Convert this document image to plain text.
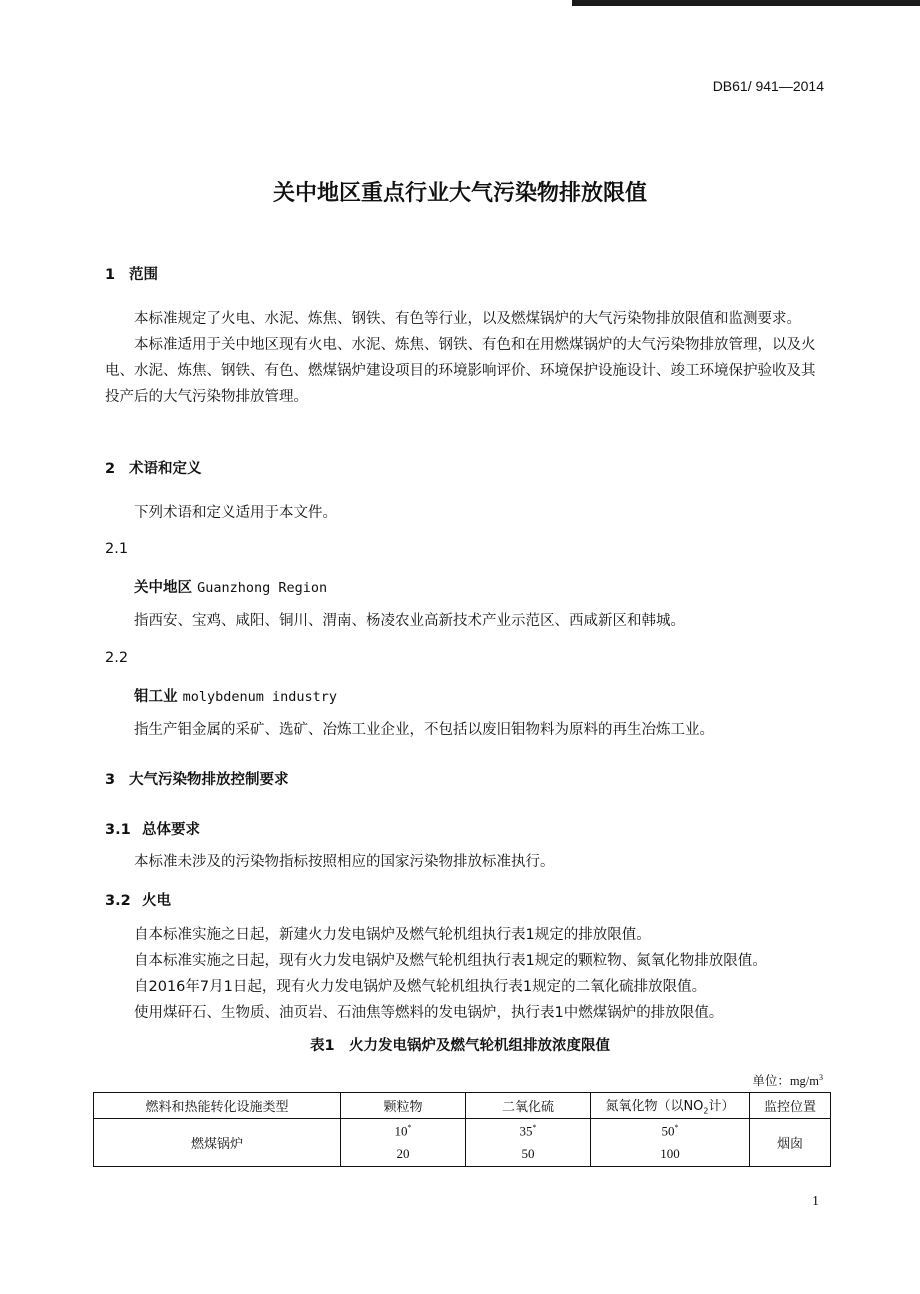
DB61/ 941—2014
关中地区重点行业大气污染物排放限值
1 范围

本标准规定了火电、水泥、炼焦、钢铁、有色等行业，以及燃煤锅炉的大气污染物排放限值和监测要求。

本标准适用于关中地区现有火电、水泥、炼焦、钢铁、有色和在用燃煤锅炉的大气污染物排放管理，以及火电、水泥、炼焦、钢铁、有色、燃煤锅炉建设项目的环境影响评价、环境保护设施设计、竣工环境保护验收及其投产后的大气污染物排放管理。

2 术语和定义
下列术语和定义适用于本文件。
2.1
关中地区 Guanzhong Region
指西安、宝鸡、咸阳、铜川、渭南、杨凌农业高新技术产业示范区、西咸新区和韩城。
2.2
钼工业 molybdenum industry
指生产钼金属的采矿、选矿、冶炼工业企业，不包括以废旧钼物料为原料的再生冶炼工业。
3 大气污染物排放控制要求
3.1 总体要求
本标准未涉及的污染物指标按照相应的国家污染物排放标准执行。
3.2 火电

自本标准实施之日起，新建火力发电锅炉及燃气轮机组执行表1规定的排放限值。

自本标准实施之日起，现有火力发电锅炉及燃气轮机组执行表1规定的颗粒物、氮氧化物排放限值。

自2016年7月1日起，现有火力发电锅炉及燃气轮机组执行表1规定的二氧化硫排放限值。

使用煤矸石、生物质、油页岩、石油焦等燃料的发电锅炉，执行表1中燃煤锅炉的排放限值。

表1　火力发电锅炉及燃气轮机组排放浓度限值
单位：$mg/m^3$
燃料和热能转化设施类型	颗粒物	二氧化硫	氮氧化物（以$NO_2$计）	监控位置
燃煤锅炉	10*	35*	50*	烟囱
	20	50	100	
1
